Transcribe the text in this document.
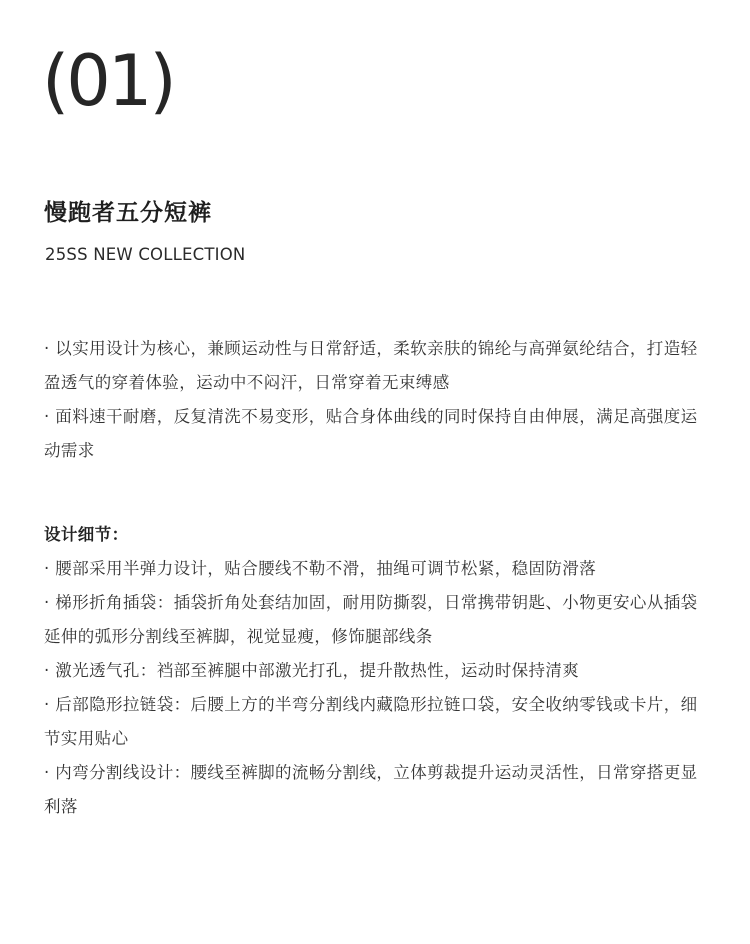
(01)
慢跑者五分短裤
25SS NEW COLLECTION

· 以实用设计为核心，兼顾运动性与日常舒适，柔软亲肤的锦纶与高弹氨纶结合，打造轻盈透气的穿着体验，运动中不闷汗，日常穿着无束缚感

· 面料速干耐磨，反复清洗不易变形，贴合身体曲线的同时保持自由伸展，满足高强度运动需求

设计细节：

· 腰部采用半弹力设计，贴合腰线不勒不滑，抽绳可调节松紧，稳固防滑落

· 梯形折角插袋：插袋折角处套结加固，耐用防撕裂，日常携带钥匙、小物更安心从插袋延伸的弧形分割线至裤脚，视觉显瘦，修饰腿部线条

· 激光透气孔：裆部至裤腿中部激光打孔，提升散热性，运动时保持清爽

· 后部隐形拉链袋：后腰上方的半弯分割线内藏隐形拉链口袋，安全收纳零钱或卡片，细节实用贴心

· 内弯分割线设计：腰线至裤脚的流畅分割线，立体剪裁提升运动灵活性，日常穿搭更显利落
